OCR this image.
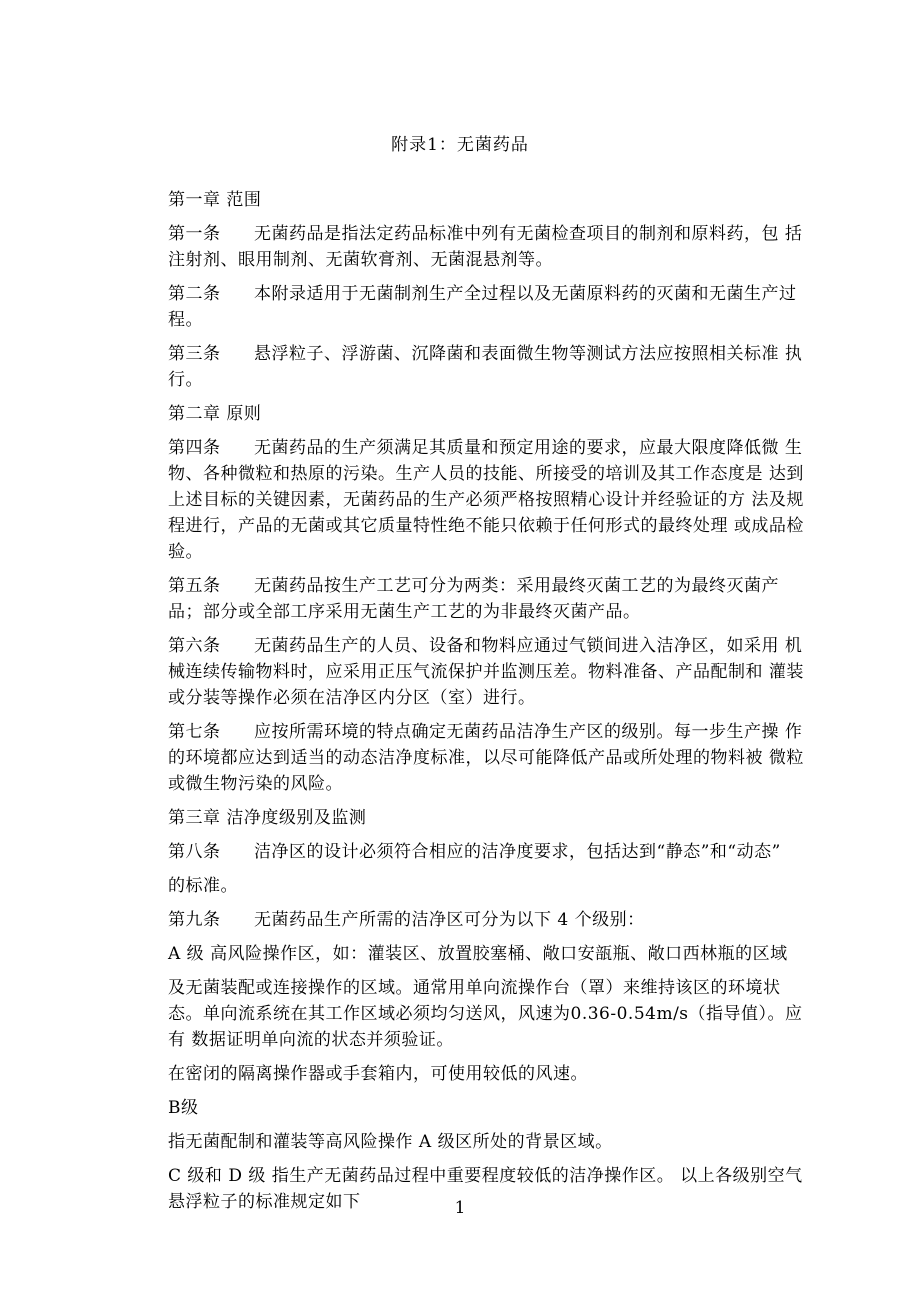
附录1：无菌药品

第一章 范围

第一条 无菌药品是指法定药品标准中列有无菌检查项目的制剂和原料药，包 括注射剂、眼用制剂、无菌软膏剂、无菌混悬剂等。

第二条 本附录适用于无菌制剂生产全过程以及无菌原料药的灭菌和无菌生产过程。

第三条 悬浮粒子、浮游菌、沉降菌和表面微生物等测试方法应按照相关标准 执行。

第二章 原则

第四条 无菌药品的生产须满足其质量和预定用途的要求，应最大限度降低微 生物、各种微粒和热原的污染。生产人员的技能、所接受的培训及其工作态度是 达到上述目标的关键因素，无菌药品的生产必须严格按照精心设计并经验证的方 法及规程进行，产品的无菌或其它质量特性绝不能只依赖于任何形式的最终处理 或成品检验。

第五条 无菌药品按生产工艺可分为两类：采用最终灭菌工艺的为最终灭菌产 品；部分或全部工序采用无菌生产工艺的为非最终灭菌产品。

第六条 无菌药品生产的人员、设备和物料应通过气锁间进入洁净区，如采用 机械连续传输物料时，应采用正压气流保护并监测压差。物料准备、产品配制和 灌装或分装等操作必须在洁净区内分区（室）进行。

第七条 应按所需环境的特点确定无菌药品洁净生产区的级别。每一步生产操 作的环境都应达到适当的动态洁净度标准，以尽可能降低产品或所处理的物料被 微粒或微生物污染的风险。

第三章 洁净度级别及监测

第八条 洁净区的设计必须符合相应的洁净度要求，包括达到“静态”和“动态”

的标准。

第九条 无菌药品生产所需的洁净区可分为以下 4 个级别：

A 级 高风险操作区，如：灌装区、放置胶塞桶、敞口安瓿瓶、敞口西林瓶的区域

及无菌装配或连接操作的区域。通常用单向流操作台（罩）来维持该区的环境状 态。单向流系统在其工作区域必须均匀送风，风速为0.36-0.54m/s（指导值）。应有 数据证明单向流的状态并须验证。

在密闭的隔离操作器或手套箱内，可使用较低的风速。

B级

指无菌配制和灌装等高风险操作 A 级区所处的背景区域。

C 级和 D 级 指生产无菌药品过程中重要程度较低的洁净操作区。 以上各级别空气悬浮粒子的标准规定如下	1
